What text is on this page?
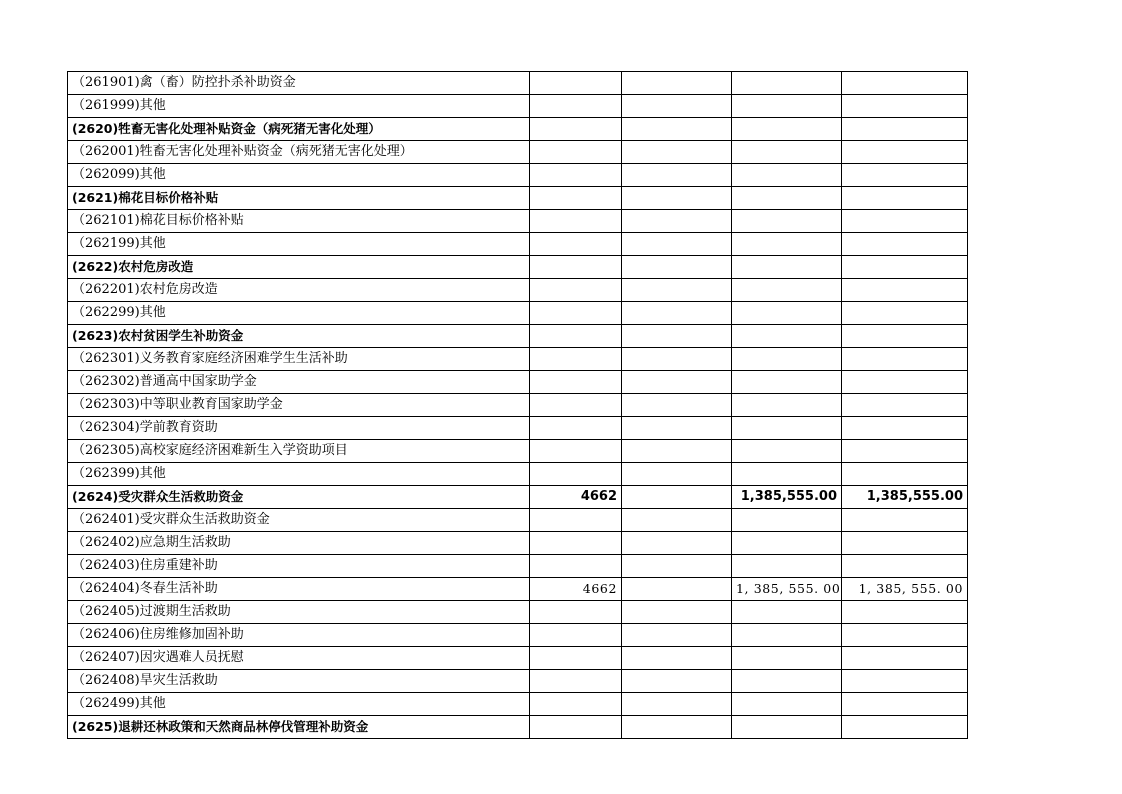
（261901)禽（畜）防控扑杀补助资金				
（261999)其他				
(2620)牲畜无害化处理补贴资金（病死猪无害化处理）				
（262001)牲畜无害化处理补贴资金（病死猪无害化处理）				
（262099)其他				
(2621)棉花目标价格补贴				
（262101)棉花目标价格补贴				
（262199)其他				
(2622)农村危房改造				
（262201)农村危房改造				
（262299)其他				
(2623)农村贫困学生补助资金				
（262301)义务教育家庭经济困难学生生活补助				
（262302)普通高中国家助学金				
（262303)中等职业教育国家助学金				
（262304)学前教育资助				
（262305)高校家庭经济困难新生入学资助项目				
（262399)其他				
(2624)受灾群众生活救助资金	4662		1,385,555.00	1,385,555.00
（262401)受灾群众生活救助资金				
（262402)应急期生活救助				
（262403)住房重建补助				
（262404)冬春生活补助	4662		1, 385, 555. 00	1, 385, 555. 00
（262405)过渡期生活救助				
（262406)住房维修加固补助				
（262407)因灾遇难人员抚慰				
（262408)旱灾生活救助				
（262499)其他				
(2625)退耕还林政策和天然商品林停伐管理补助资金				
